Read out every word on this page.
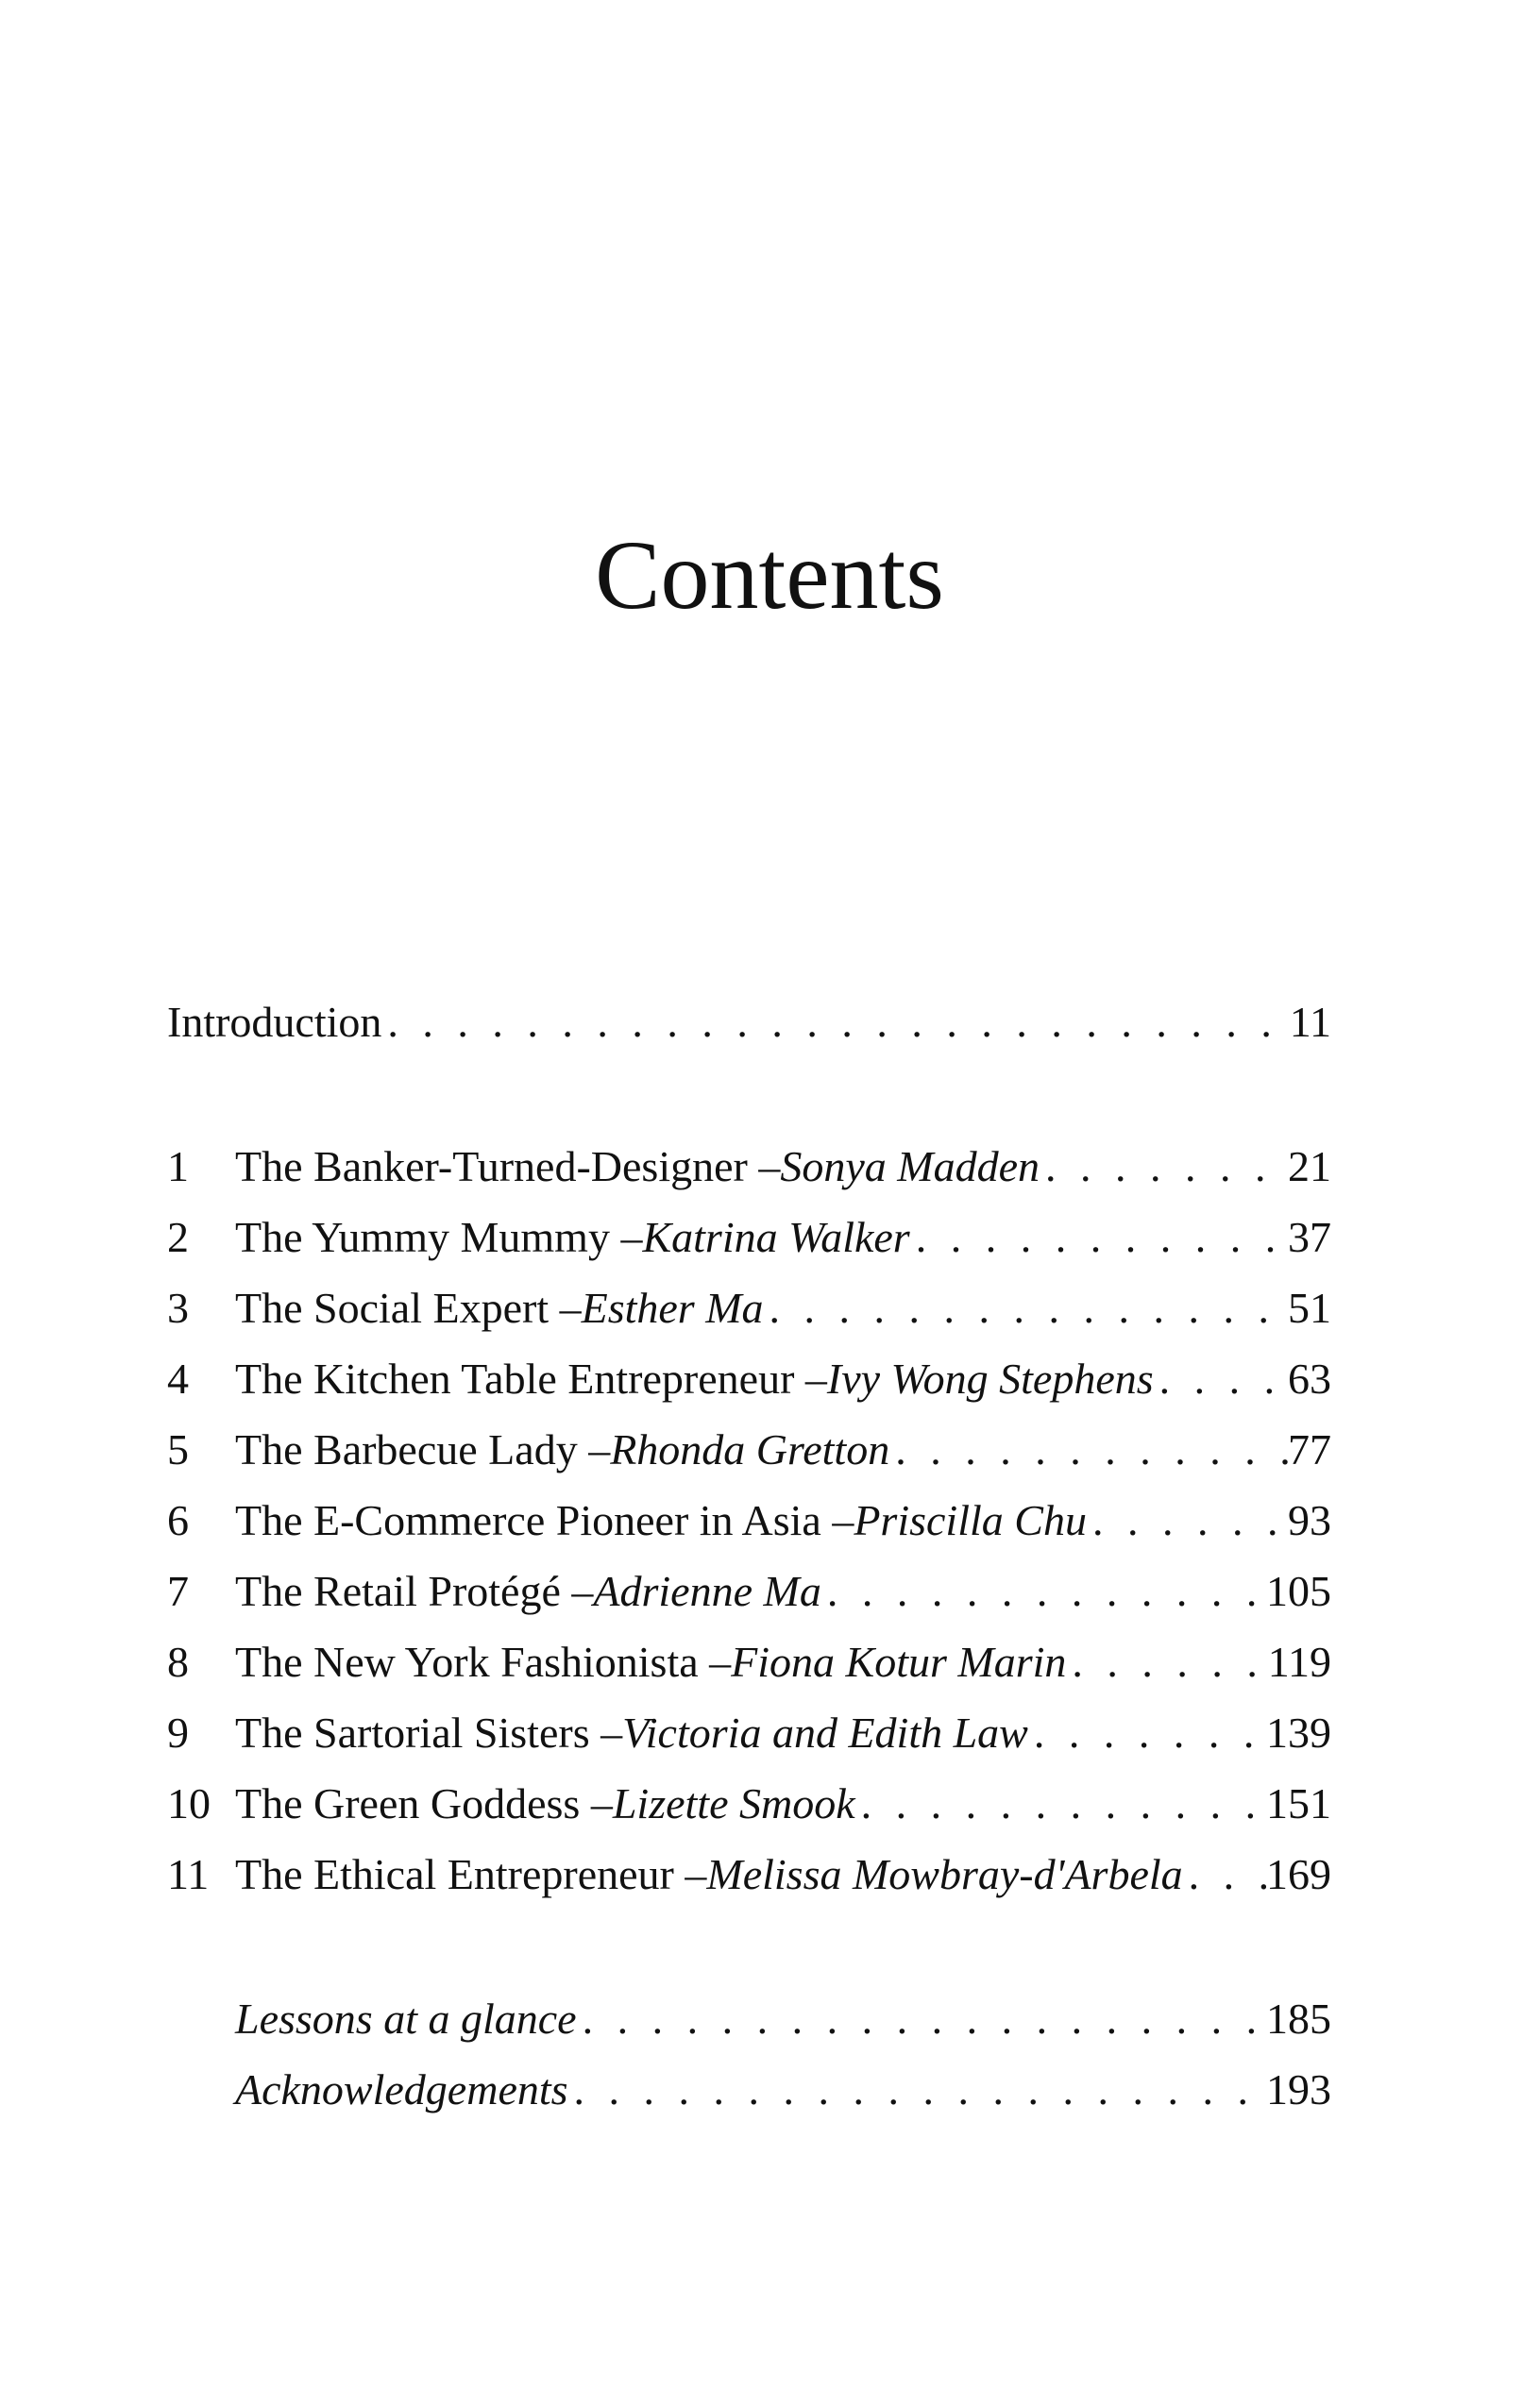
Contents
Introduction . . .	11
1	The Banker-Turned-Designer – Sonya Madden . . .	21
2	The Yummy Mummy – Katrina Walker . . .	37
3	The Social Expert – Esther Ma . . .	51
4	The Kitchen Table Entrepreneur – Ivy Wong Stephens . . .	63
5	The Barbecue Lady – Rhonda Gretton . . .	77
6	The E-Commerce Pioneer in Asia – Priscilla Chu . . .	93
7	The Retail Protégé – Adrienne Ma . . .	105
8	The New York Fashionista – Fiona Kotur Marin . . .	119
9	The Sartorial Sisters – Victoria and Edith Law . . .	139
10 The Green Goddess – Lizette Smook . . .	151
11 The Ethical Entrepreneur – Melissa Mowbray-d'Arbela . . . 169
Lessons at a glance . . .	185
Acknowledgements . . .	193
